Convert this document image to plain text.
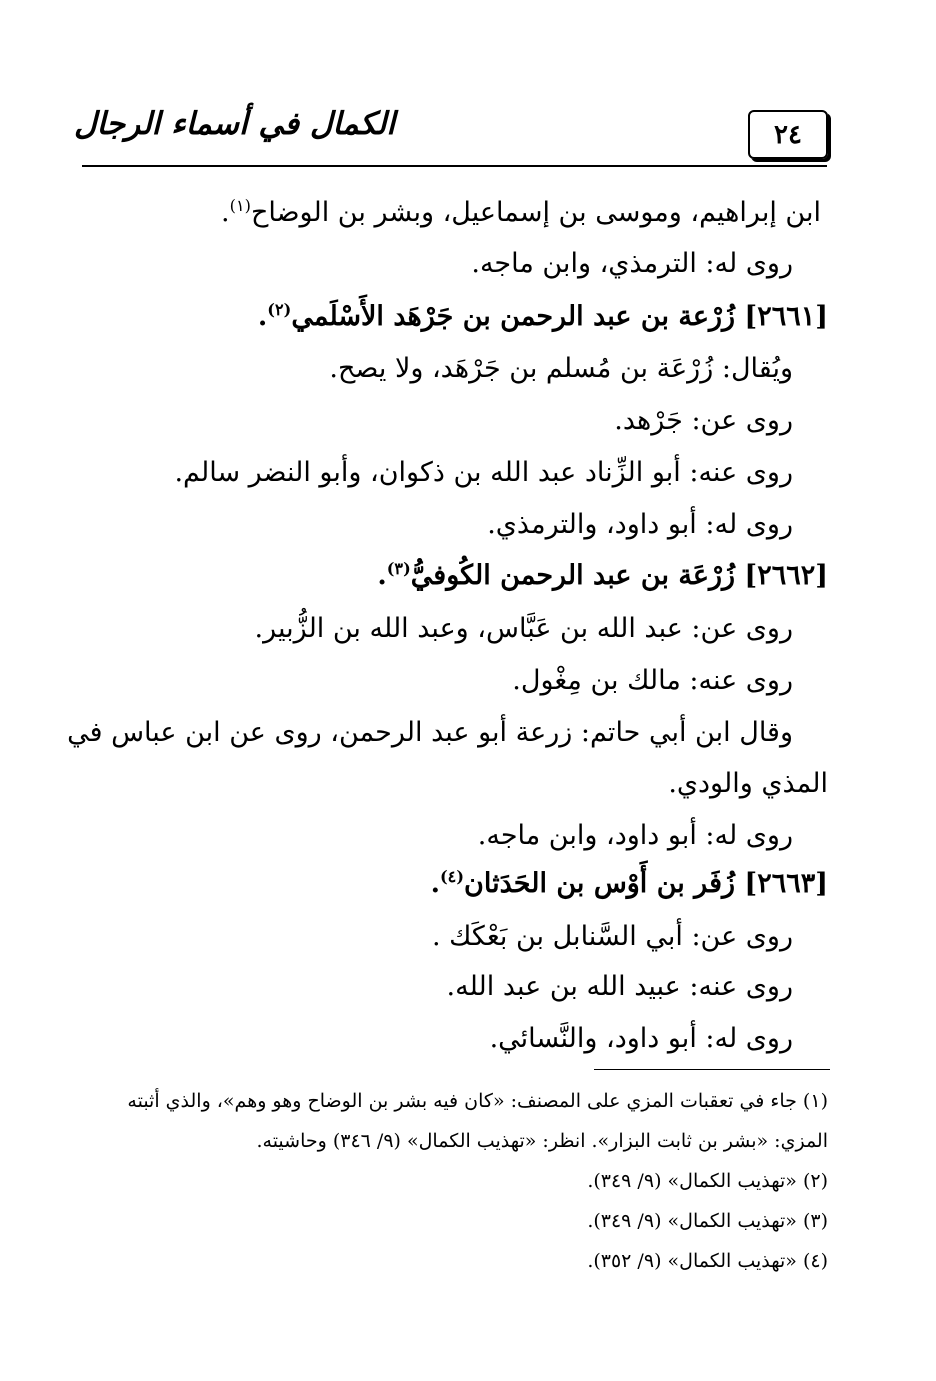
الكمال في أسماء الرجال	٢٤
ابن إبراهيم، وموسى بن إسماعيل، وبشر بن الوضاح$^{(١)}$.
روى له: الترمذي، وابن ماجه.
[٢٦٦١] زُرْعة بن عبد الرحمن بن جَرْهَد الأَسْلَمي$^{(٢)}$.
ويُقال: زُرْعَة بن مُسلم بن جَرْهَد، ولا يصح.
روى عن: جَرْهد.
روى عنه: أبو الزِّناد عبد الله بن ذكوان، وأبو النضر سالم.
روى له: أبو داود، والترمذي.
[٢٦٦٢] زُرْعَة بن عبد الرحمن الكُوفيُّ$^{(٣)}$.
روى عن: عبد الله بن عَبَّاس، وعبد الله بن الزُّبير.
روى عنه: مالك بن مِغْول.
وقال ابن أبي حاتم: زرعة أبو عبد الرحمن، روى عن ابن عباس في
المذي والودي.
روى له: أبو داود، وابن ماجه.
[٢٦٦٣] زُفَر بن أَوْس بن الحَدَثان$^{(٤)}$.
روى عن: أبي السَّنابل بن بَعْكَك .
روى عنه: عبيد الله بن عبد الله.
روى له: أبو داود، والنَّسائي.
(١) جاء في تعقبات المزي على المصنف: «كان فيه بشر بن الوضاح وهو وهم»، والذي أثبته
المزي: «بشر بن ثابت البزار». انظر: «تهذيب الكمال» (٩/ ٣٤٦) وحاشيته.
(٢) «تهذيب الكمال» (٩/ ٣٤٩).
(٣) «تهذيب الكمال» (٩/ ٣٤٩).
(٤) «تهذيب الكمال» (٩/ ٣٥٢).
